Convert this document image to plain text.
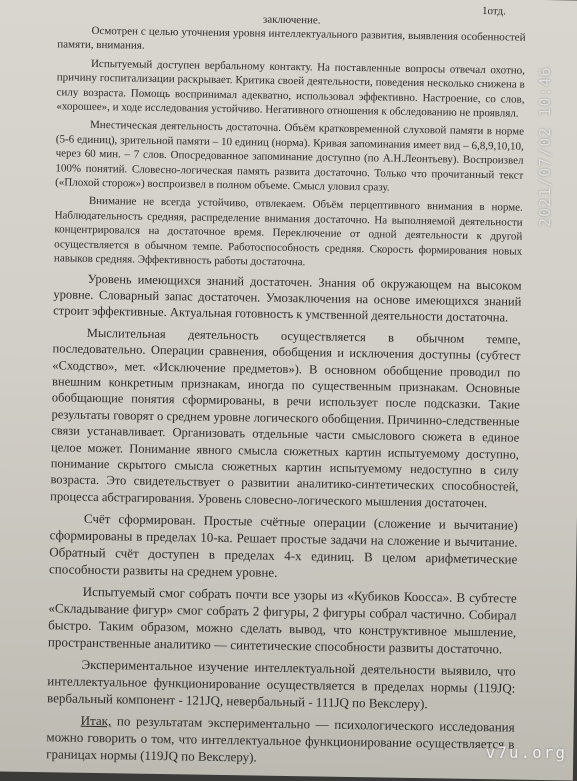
1отд.
заключение.

Осмотрен с целью уточнения уровня интеллектуального развития, выявления особенностей памяти, внимания.

Испытуемый доступен вербальному контакту. На поставленные вопросы отвечал охотно, причину госпитализации раскрывает. Критика своей деятельности, поведения несколько снижена в силу возраста. Помощь воспринимал адекватно, использовал эффективно. Настроение, со слов, «хорошее», и ходе исследования устойчиво. Негативного отношения к обследованию не проявлял.

Мнестическая деятельность достаточна. Объём кратковременной слуховой памяти в норме (5-6 единиц), зрительной памяти – 10 единиц (норма). Кривая запоминания имеет вид – 6,8,9,10,10, через 60 мин. – 7 слов. Опосредованное запоминание доступно (по А.Н.Леонтьеву). Воспроизвел 100% понятий. Словесно-логическая память развита достаточно. Только что прочитанный текст («Плохой сторож») воспроизвел в полном объеме. Смысл уловил сразу.

Внимание не всегда устойчиво, отвлекаем. Объём перцептивного внимания в норме. Наблюдательность средняя, распределение внимания достаточно. На выполняемой деятельности концентрировался на достаточное время. Переключение от одной деятельности к другой осуществляется в обычном темпе. Работоспособность средняя. Скорость формирования новых навыков средняя. Эффективность работы достаточна.

Уровень имеющихся знаний достаточен. Знания об окружающем на высоком уровне. Словарный запас достаточен. Умозаключения на основе имеющихся знаний строит эффективные. Актуальная готовность к умственной деятельности достаточна.

Мыслительная деятельность осуществляется в обычном темпе, последовательно. Операции сравнения, обобщения и исключения доступны (субтест «Сходство», мет. «Исключение предметов»). В основном обобщение проводил по внешним конкретным признакам, иногда по существенным признакам. Основные обобщающие понятия сформированы, в речи использует после подсказки. Такие результаты говорят о среднем уровне логического обобщения. Причинно-следственные связи устанавливает. Организовать отдельные части смыслового сюжета в единое целое может. Понимание явного смысла сюжетных картин испытуемому доступно, понимание скрытого смысла сюжетных картин испытуемому недоступно в силу возраста. Это свидетельствует о развитии аналитико-синтетических способностей, процесса абстрагирования. Уровень словесно-логического мышления достаточен.

Счёт сформирован. Простые счётные операции (сложение и вычитание) сформированы в пределах 10-ка. Решает простые задачи на сложение и вычитание. Обратный счёт доступен в пределах 4-х единиц. В целом арифметические способности развиты на среднем уровне.

Испытуемый смог собрать почти все узоры из «Кубиков Коосса». В субтесте «Складывание фигур» смог собрать 2 фигуры, 2 фигуры собрал частично. Собирал быстро. Таким образом, можно сделать вывод, что конструктивное мышление, пространственные аналитико — синтетические способности развиты достаточно.

Экспериментальное изучение интеллектуальной деятельности выявило, что интеллектуальное функционирование осуществляется в пределах нормы (119JQ: вербальный компонент - 121JQ, невербальный - 111JQ по Векслеру).

Итак, по результатам экспериментально — психологического исследования можно говорить о том, что интеллектуальное функционирование осуществляется в границах нормы (119JQ по Векслеру).

2021/07/02 10:46
v7u.org
